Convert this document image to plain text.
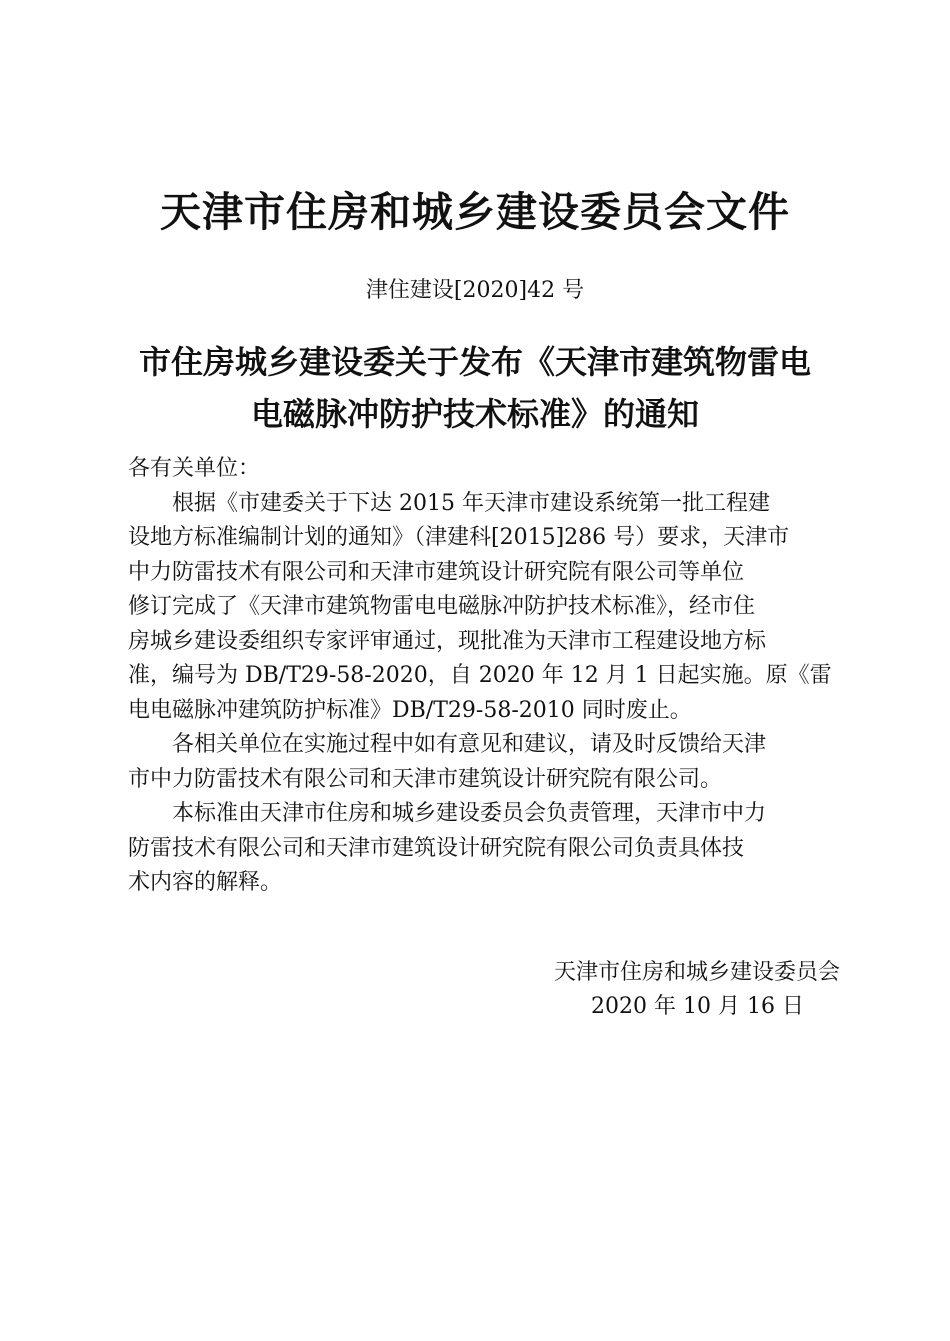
天津市住房和城乡建设委员会文件
津住建设[2020]42 号
市住房城乡建设委关于发布《天津市建筑物雷电
电磁脉冲防护技术标准》的通知
各有关单位：
根据《市建委关于下达 2015 年天津市建设系统第一批工程建
设地方标准编制计划的通知》（津建科[2015]286 号）要求，天津市
中力防雷技术有限公司和天津市建筑设计研究院有限公司等单位
修订完成了《天津市建筑物雷电电磁脉冲防护技术标准》，经市住
房城乡建设委组织专家评审通过，现批准为天津市工程建设地方标
准，编号为 DB/T29-58-2020，自 2020 年 12 月 1 日起实施。原《雷
电电磁脉冲建筑防护标准》DB/T29-58-2010 同时废止。
各相关单位在实施过程中如有意见和建议，请及时反馈给天津
市中力防雷技术有限公司和天津市建筑设计研究院有限公司。
本标准由天津市住房和城乡建设委员会负责管理，天津市中力
防雷技术有限公司和天津市建筑设计研究院有限公司负责具体技
术内容的解释。
天津市住房和城乡建设委员会
2020 年 10 月 16 日
